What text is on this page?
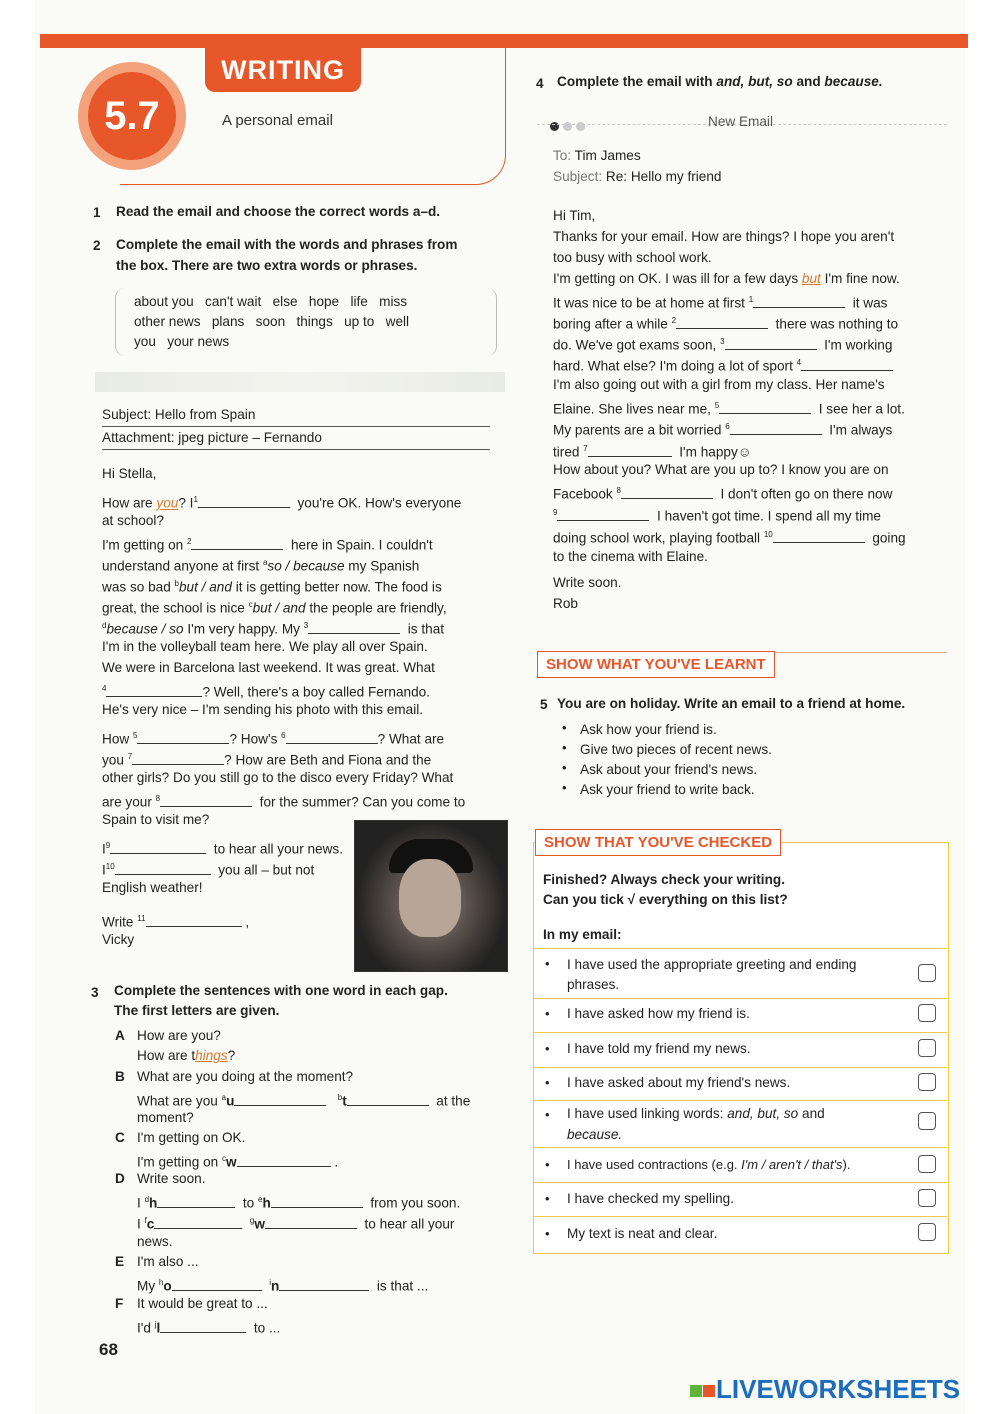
WRITING
5.7	A personal email
1 Read the email and choose the correct words a–d.
2 Complete the email with the words and phrases from
the box. There are two extra words or phrases.
about you   can't wait   else   hope   life   miss
other news   plans   soon   things   up to   well
you   your news
Subject: Hello from Spain
Attachment: jpeg picture – Fernando
Hi Stella,
How are you? $I^1$	you're OK. How's everyone
at school?
I'm getting on $^2$	here in Spain. I couldn't
understand anyone at first $^a$so / because my Spanish
was so bad $^b$but / and it is getting better now. The food is
great, the school is nice $^c$but / and the people are friendly,
$^d$because / so I'm very happy. My $^3$	is that
I'm in the volleyball team here. We play all over Spain.
We were in Barcelona last weekend. It was great. What
$^4$	? Well, there's a boy called Fernando.
He's very nice – I'm sending his photo with this email.
How $^5$	? How's $^6$	? What are
you $^7$	? How are Beth and Fiona and the
other girls? Do you still go to the disco every Friday? What
are your $^8$	for the summer? Can you come to
Spain to visit me?
$I^9$	to hear all your news.
$I^{10}$	you all – but not
English weather!
Write $^{11}$	,
Vicky
3 Complete the sentences with one word in each gap.
The first letters are given.
A How are you?
How are things?
B What are you doing at the moment?
What are you $^a$u	$^b$t	at the
moment?
C I'm getting on OK.
I'm getting on $^c$w	.
D Write soon.
I $^d$h	to $^e$h	from you soon.
I $^f$c	$^g$w	to hear all your
news.
E I'm also ...
My $^h$o	$^i$n	is that ...
F It would be great to ...
I'd $^j$l	to ...
68
4 Complete the email with and, but, so and because.
New Email
To: Tim James
Subject: Re: Hello my friend
Hi Tim,
Thanks for your email. How are things? I hope you aren't
too busy with school work.
I'm getting on OK. I was ill for a few days but I'm fine now.
It was nice to be at home at first $^1$	it was
boring after a while $^2$	there was nothing to
do. We've got exams soon, $^3$	I'm working
hard. What else? I'm doing a lot of sport $^4$
I'm also going out with a girl from my class. Her name's
Elaine. She lives near me, $^5$	I see her a lot.
My parents are a bit worried $^6$	I'm always
tired $^7$	I'm happy☺
How about you? What are you up to? I know you are on
Facebook $^8$	I don't often go on there now
$^9$	I haven't got time. I spend all my time
doing school work, playing football $^{10}$	going
to the cinema with Elaine.
Write soon.
Rob
SHOW WHAT YOU'VE LEARNT
5 You are on holiday. Write an email to a friend at home.
• Ask how your friend is.
• Give two pieces of recent news.
• Ask about your friend's news.
• Ask your friend to write back.
SHOW THAT YOU'VE CHECKED
Finished? Always check your writing.
Can you tick √ everything on this list?
In my email:
• I have used the appropriate greeting and ending
phrases.
• I have asked how my friend is.
• I have told my friend my news.
• I have asked about my friend's news.
• I have used linking words: and, but, so and
because.
• I have used contractions (e.g. I'm / aren't / that's).
• I have checked my spelling.
• My text is neat and clear.
LIVEWORKSHEETS
